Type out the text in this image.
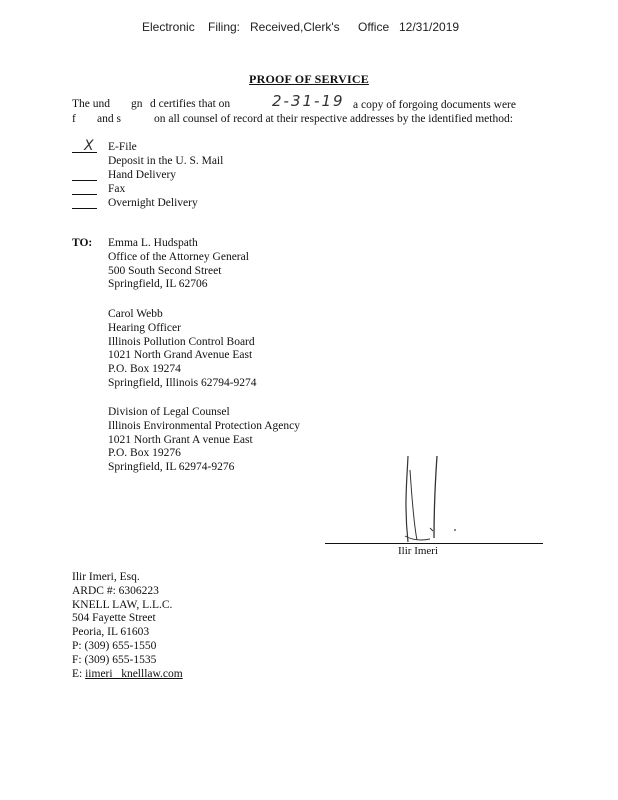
Electronic Filing: Received,Clerk's Office 12/31/2019
PROOF OF SERVICE
The und gn d certifies that on	2-31-19 a copy of forgoing documents were
f and s	on all counsel of record at their respective addresses by the identified method:
X E-File
Deposit in the U. S. Mail
Hand Delivery
Fax
Overnight Delivery
TO: Emma L. Hudspath
Office of the Attorney General
500 South Second Street
Springfield, IL 62706
Carol Webb
Hearing Officer
Illinois Pollution Control Board
1021 North Grand Avenue East
P.O. Box 19274
Springfield, Illinois 62794-9274
Division of Legal Counsel
Illinois Environmental Protection Agency
1021 North Grant A venue East
P.O. Box 19276
Springfield, IL 62974-9276
Ilir Imeri
Ilir Imeri, Esq.
ARDC #: 6306223
KNELL LAW, L.L.C.
504 Fayette Street
Peoria, IL 61603
P: (309) 655-1550
F: (309) 655-1535
E: iimeri_ knelllaw.com
